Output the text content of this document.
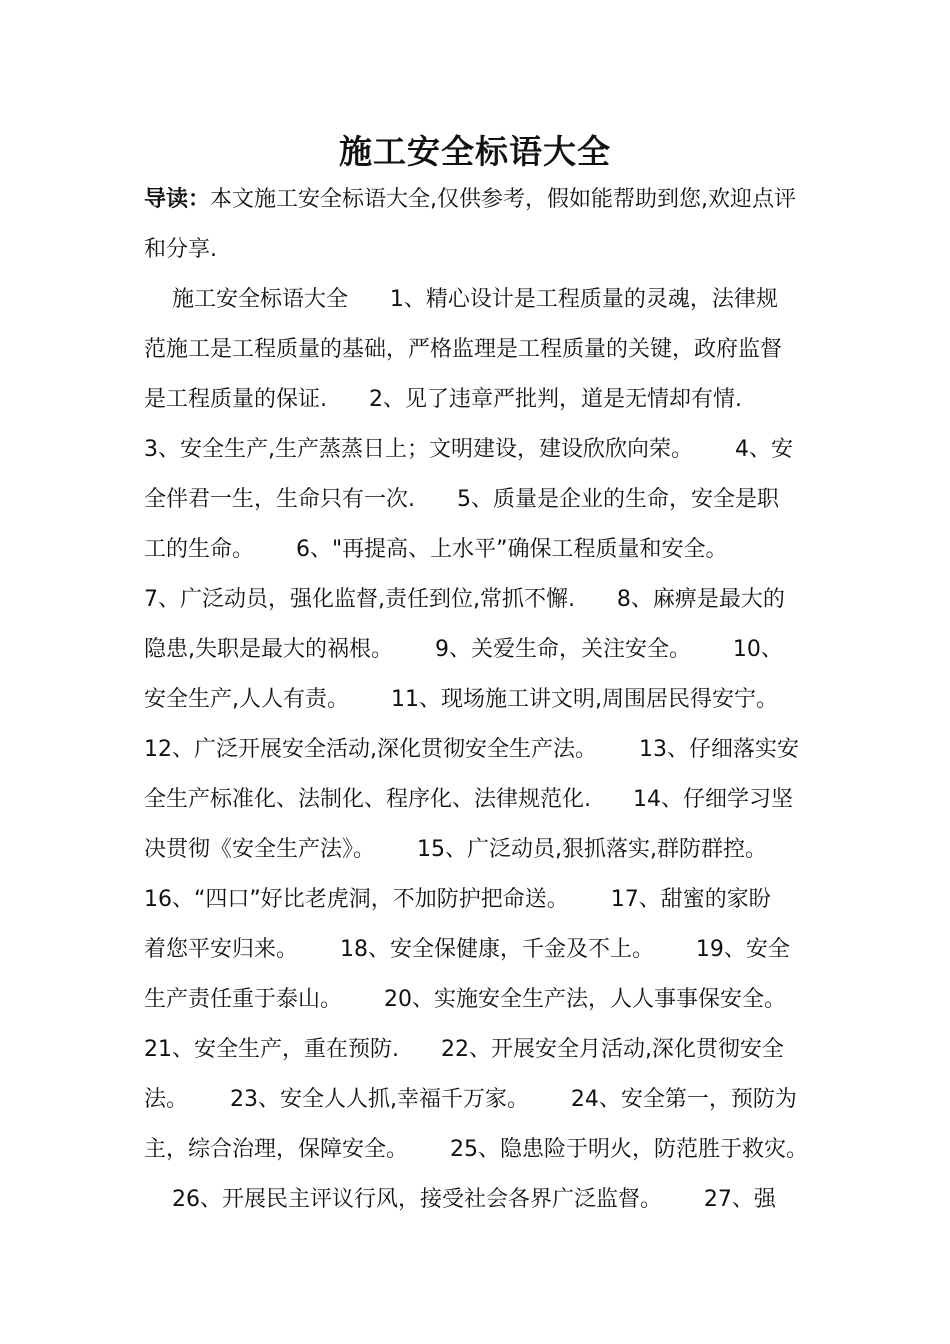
施工安全标语大全
导读：本文施工安全标语大全,仅供参考，假如能帮助到您,欢迎点评
和分享.
施工安全标语大全      1、精心设计是工程质量的灵魂，法律规
范施工是工程质量的基础，严格监理是工程质量的关键，政府监督
是工程质量的保证.      2、见了违章严批判，道是无情却有情.
3、安全生产,生产蒸蒸日上；文明建设，建设欣欣向荣。      4、安
全伴君一生，生命只有一次.      5、质量是企业的生命，安全是职
工的生命。      6、"再提高、上水平”确保工程质量和安全。
7、广泛动员，强化监督,责任到位,常抓不懈.      8、麻痹是最大的
隐患,失职是最大的祸根。      9、关爱生命，关注安全。      10、
安全生产,人人有责。      11、现场施工讲文明,周围居民得安宁。
12、广泛开展安全活动,深化贯彻安全生产法。      13、仔细落实安
全生产标准化、法制化、程序化、法律规范化.      14、仔细学习坚
决贯彻《安全生产法》。      15、广泛动员,狠抓落实,群防群控。
16、“四口”好比老虎洞，不加防护把命送。      17、甜蜜的家盼
着您平安归来。      18、安全保健康，千金及不上。      19、安全
生产责任重于泰山。      20、实施安全生产法，人人事事保安全。
21、安全生产，重在预防.      22、开展安全月活动,深化贯彻安全
法。      23、安全人人抓,幸福千万家。      24、安全第一，预防为
主，综合治理，保障安全。      25、隐患险于明火，防范胜于救灾。
26、开展民主评议行风，接受社会各界广泛监督。      27、强
